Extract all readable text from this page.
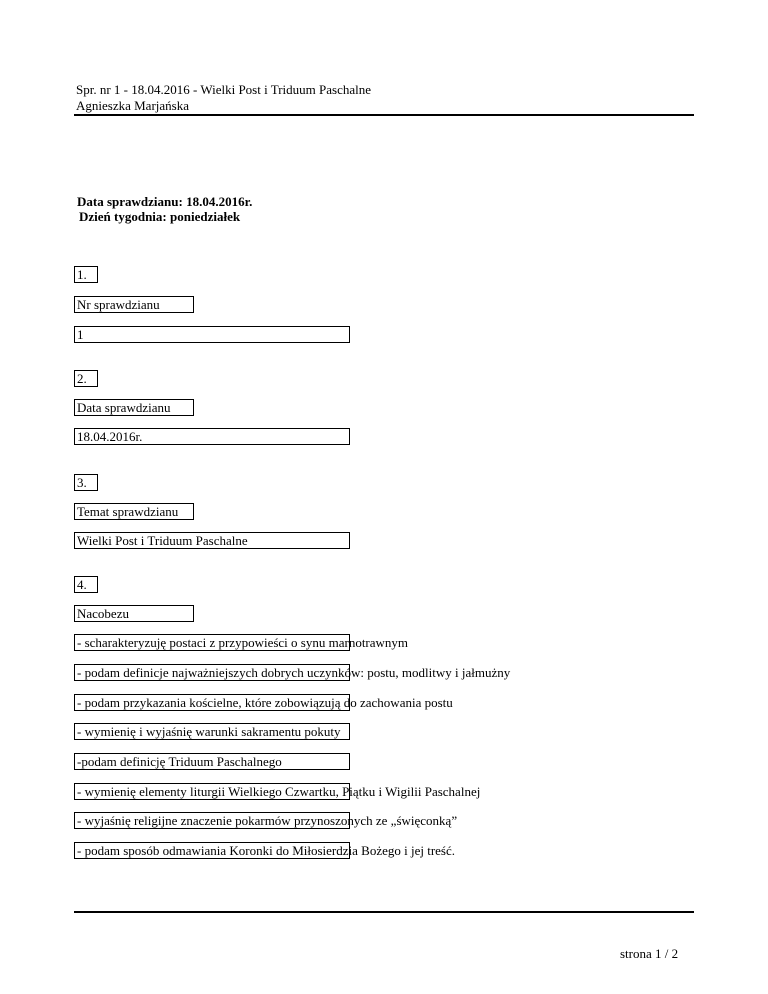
Spr. nr 1 - 18.04.2016 - Wielki Post i Triduum Paschalne
Agnieszka Marjańska
Data sprawdzianu: 18.04.2016r.
Dzień tygodnia: poniedziałek
1.
Nr sprawdzianu
1
2.
Data sprawdzianu
18.04.2016r.
3.
Temat sprawdzianu
Wielki Post i Triduum Paschalne
4.
Nacobezu
- scharakteryzuję postaci z przypowieści o synu marnotrawnym
- podam definicje najważniejszych dobrych uczynków: postu, modlitwy i jałmużny
- podam przykazania kościelne, które zobowiązują do zachowania postu
- wymienię i wyjaśnię warunki sakramentu pokuty
-podam definicję Triduum Paschalnego
- wymienię elementy liturgii Wielkiego Czwartku, Piątku i Wigilii Paschalnej
- wyjaśnię religijne znaczenie pokarmów przynoszonych ze „święconką”
- podam sposób odmawiania Koronki do Miłosierdzia Bożego i jej treść.
strona 1 / 2
